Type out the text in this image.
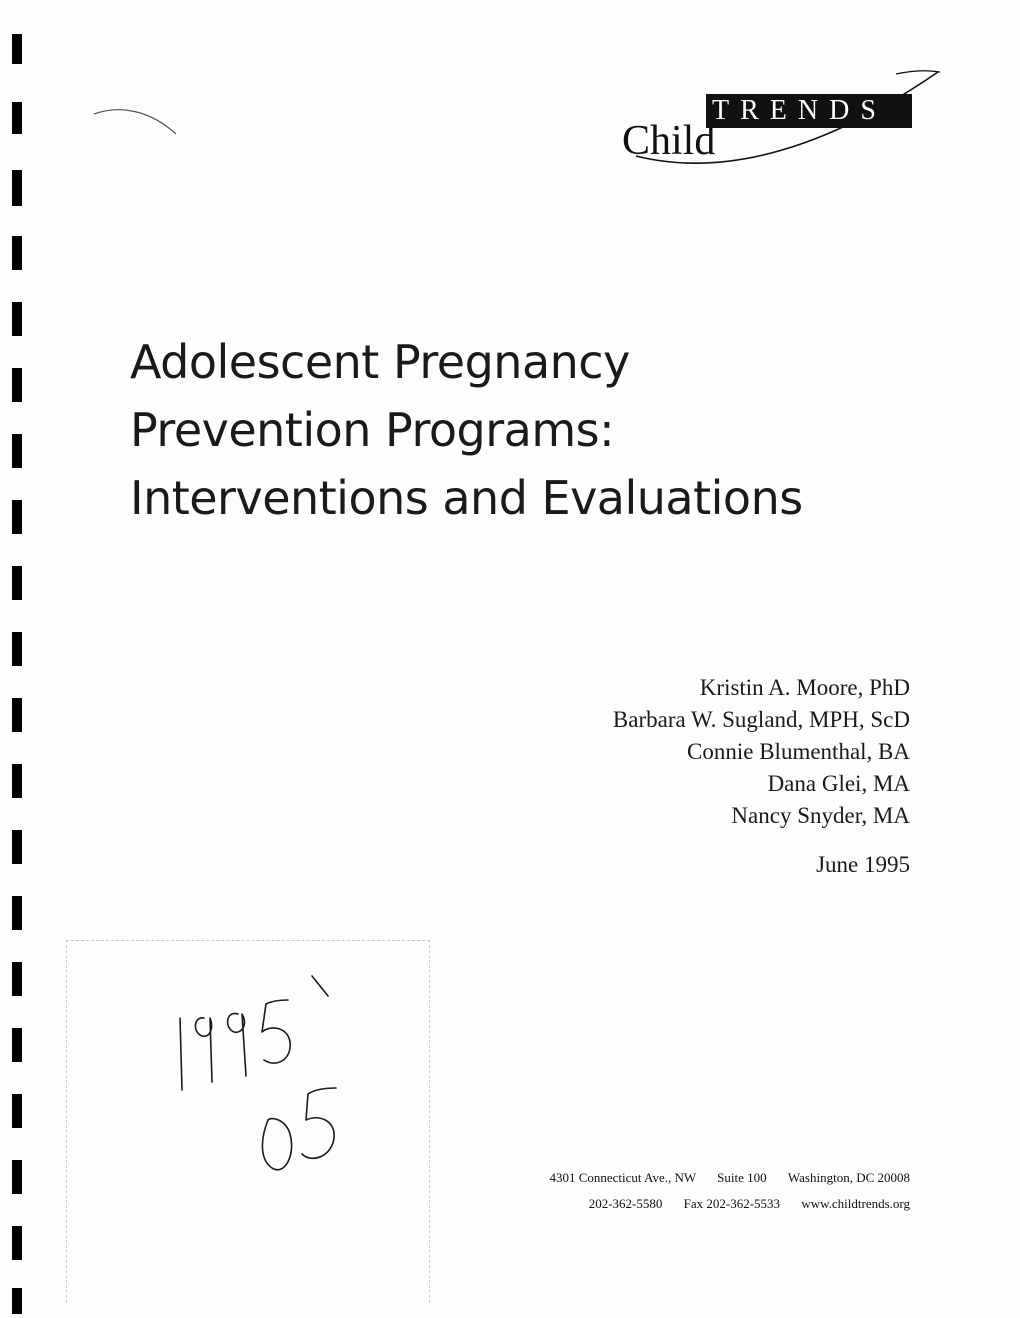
TRENDS
Child
Adolescent Pregnancy
Prevention Programs:
Interventions and Evaluations
Kristin A. Moore, PhD
Barbara W. Sugland, MPH, ScD
Connie Blumenthal, BA
Dana Glei, MA
Nancy Snyder, MA
June 1995
4301 Connecticut Ave., NW Suite 100 Washington, DC 20008
202-362-5580 Fax 202-362-5533 www.childtrends.org
